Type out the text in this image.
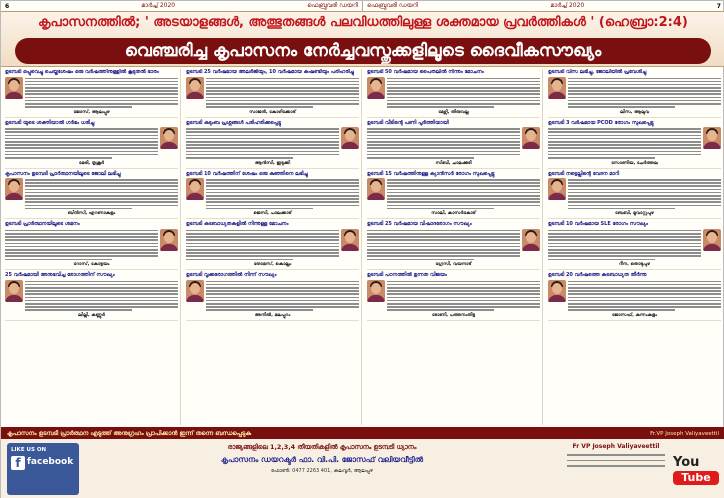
6	മാർച്ച് 2020	ഫെബ്രുവരി ഡയറി ഫെബ്രുവരി ഡയറി	മാർച്ച് 2020	7
കൃപാസനത്തിൽ; ' അടയാളങ്ങൾ, അത്ഭുതങ്ങൾ പലവിധത്തിലുള്ള ശക്തമായ പ്രവർത്തികൾ ' (ഹെബ്രാ:2:4)
വെഞ്ചരിച്ച കൃപാസനം നേർച്ചവസ്തുക്കളിലൂടെ ദൈവീകസൗഖ്യം
ഉടമ്പടി ഒപ്പുവെച്ചു ചെയ്തശേഷം ഒരു വർഷത്തിനുള്ളിൽ കൂടുതൽ ഭാരം
ജോസ്, ആലപ്പുഴ
ഉടമ്പടി യുടെ ശക്തിയാൽ ഗർഭം ധരിച്ചു
മേരി, തൃശൂർ
കൃപാസനം ഉടമ്പടി പ്രാർത്ഥനയിലൂടെ ജോലി ലഭിച്ചു
ബിൻസി, എറണാകുളം
ഉടമ്പടി പ്രാർത്ഥനയിലൂടെ ശമനം
റോസ്, കോട്ടയം
25 വർഷമായി അനുഭവിച്ച രോഗത്തിന് സൗഖ്യം
ലില്ലി, കണ്ണൂർ
ഉടമ്പടി 25 വർഷമായ അലർജിയും, 10 വർഷമായ കഷണ്ടിയും പരിഹരിച്ചു
സാജൻ, കോഴിക്കോട്
ഉടമ്പടി കുടുംബ പ്രശ്നങ്ങൾ പരിഹരിക്കപ്പെട്ടു
ആൻസി, ഇടുക്കി
ഉടമ്പടി 10 വർഷത്തിന് ശേഷം ഒരു കുഞ്ഞിനെ ലഭിച്ചു
ജെസി, പാലക്കാട്
ഉടമ്പടി കടബാധ്യതകളിൽ നിന്നുള്ള മോചനം
തോമസ്, കൊല്ലം
ഉടമ്പടി വൃക്കരോഗത്തിൽ നിന്ന് സൗഖ്യം
അനിൽ, മലപ്പുറം
ഉടമ്പടി 50 വർഷമായ പൈതലിൽ നിന്നും മോചനം
മേഴ്സി, തിരുവല്ല
ഉടമ്പടി വീടിന്റെ പണി പൂർത്തിയായി
സിബി, ചാലക്കുടി
ഉടമ്പടി 15 വർഷത്തിനുള്ള ക്യാൻസർ രോഗം സുഖപ്പെട്ടു
സാലി, കാസർകോട്
ഉടമ്പടി 25 വർഷമായ വിഷാദരോഗം സൗഖ്യം
ഗ്രേസി, വയനാട്
ഉടമ്പടി പഠനത്തിൽ ഉന്നത വിജയം
ടോണി, പത്തനംതിട്ട
ഉടമ്പടി വിസ ലഭിച്ചു, ജോലിയിൽ പ്രവേശിച്ചു
ലിസ, ആലുവ
ഉടമ്പടി 3 വർഷമായ PCOD രോഗം സുഖപ്പെട്ടു
സോണിയ, ചേർത്തല
ഉടമ്പടി നട്ടെല്ലിന്റെ വേദന മാറി
ബേബി, മൂവാറ്റുപുഴ
ഉടമ്പടി 10 വർഷമായ SLE രോഗം സൗഖ്യം
റീന, തൊടുപുഴ
ഉടമ്പടി 20 വർഷത്തെ കടബാധ്യത തീർന്നു
ജോസഫ്, കുന്നംകുളം
കൃപാസനം ഉടമ്പടി പ്രാർത്ഥന എടുത്ത് അനുഗ്രഹം പ്രാപിക്കാൻ ഇന്ന് തന്നെ ബന്ധപ്പെടുക	Fr.VP Joseph Valiyaveettil
LIKE US ON
f facebook
രാജ്യങ്ങളിലെ 1,2,3,4 തീയതികളിൽ കൃപാസനം ഉടമ്പടി ധ്യാനം
കൃപാസനം ഡയറക്ടർ ഫാ. വി.പി. ജോസഫ് വലിയവീട്ടിൽ
ഫോൺ: 0477 2263 401, കലവൂർ, ആലപ്പുഴ
Fr VP Joseph Valiyaveettil
You
Tube
